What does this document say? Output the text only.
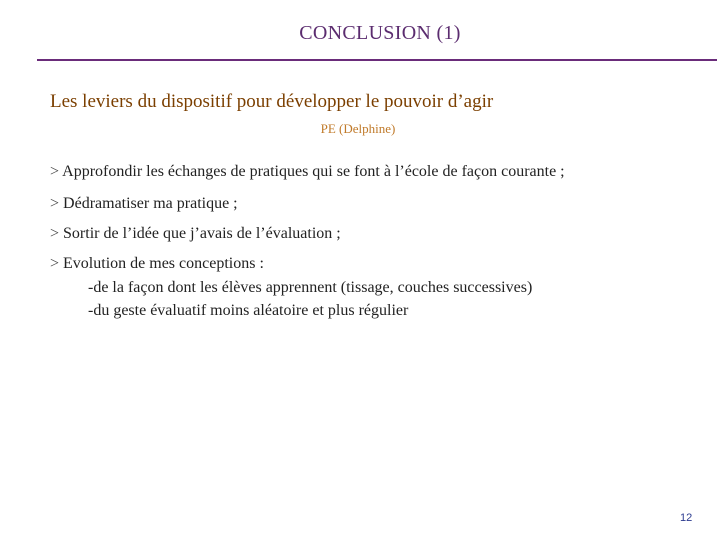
CONCLUSION (1)
Les leviers du dispositif pour développer le pouvoir d’agir
PE (Delphine)
> Approfondir les échanges de pratiques qui se font à l’école de façon courante ;
> Dédramatiser ma pratique ;
> Sortir de l’idée que j’avais de l’évaluation ;
> Evolution de mes conceptions :
-de la façon dont les élèves apprennent (tissage, couches successives)
-du geste évaluatif moins aléatoire et plus régulier
12
